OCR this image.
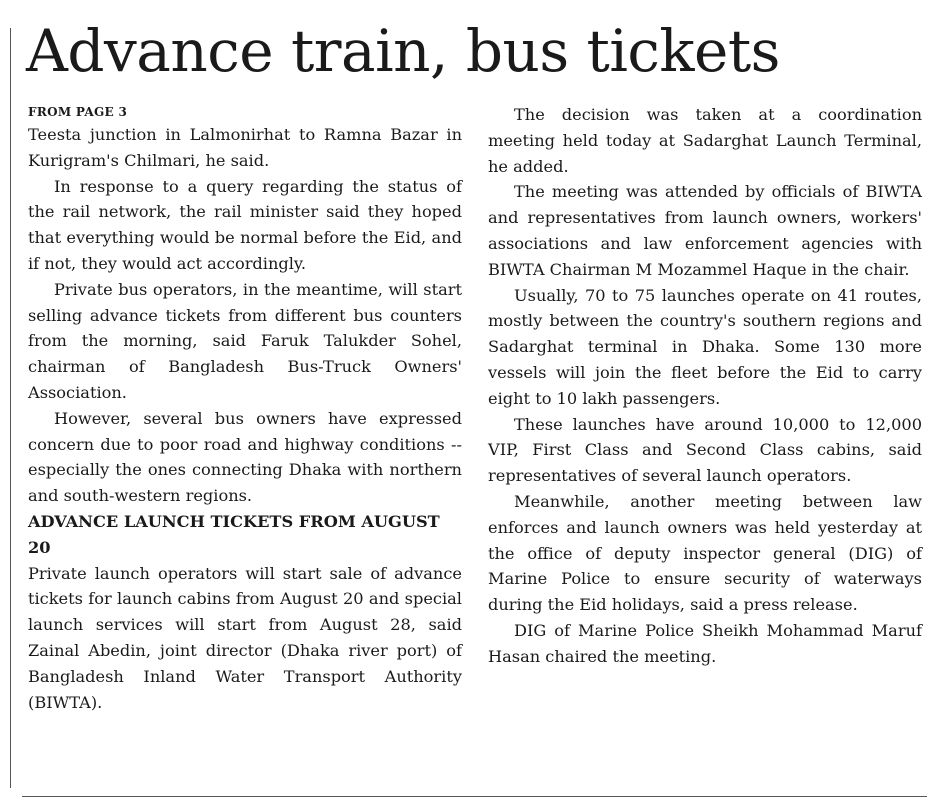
Advance train, bus tickets
FROM PAGE 3

Teesta junction in Lalmonirhat to Ramna Bazar in Kurigram's Chilmari, he said.

In response to a query regarding the status of the rail network, the rail minister said they hoped that everything would be normal before the Eid, and if not, they would act accordingly.

Private bus operators, in the meantime, will start selling advance tickets from different bus counters from the morning, said Faruk Talukder Sohel, chairman of Bangladesh Bus-Truck Owners' Association.

However, several bus owners have expressed concern due to poor road and highway conditions -- especially the ones connecting Dhaka with northern and south-western regions.

ADVANCE LAUNCH TICKETS FROM AUGUST 20

Private launch operators will start sale of advance tickets for launch cabins from August 20 and special launch services will start from August 28, said Zainal Abedin, joint director (Dhaka river port) of Bangladesh Inland Water Transport Authority (BIWTA).

The decision was taken at a coordination meeting held today at Sadarghat Launch Terminal, he added.

The meeting was attended by officials of BIWTA and representatives from launch owners, workers' associations and law enforcement agencies with BIWTA Chairman M Mozammel Haque in the chair.

Usually, 70 to 75 launches operate on 41 routes, mostly between the country's southern regions and Sadarghat terminal in Dhaka. Some 130 more vessels will join the fleet before the Eid to carry eight to 10 lakh passengers.

These launches have around 10,000 to 12,000 VIP, First Class and Second Class cabins, said representatives of several launch operators.

Meanwhile, another meeting between law enforces and launch owners was held yesterday at the office of deputy inspector general (DIG) of Marine Police to ensure security of waterways during the Eid holidays, said a press release.

DIG of Marine Police Sheikh Mohammad Maruf Hasan chaired the meeting.
